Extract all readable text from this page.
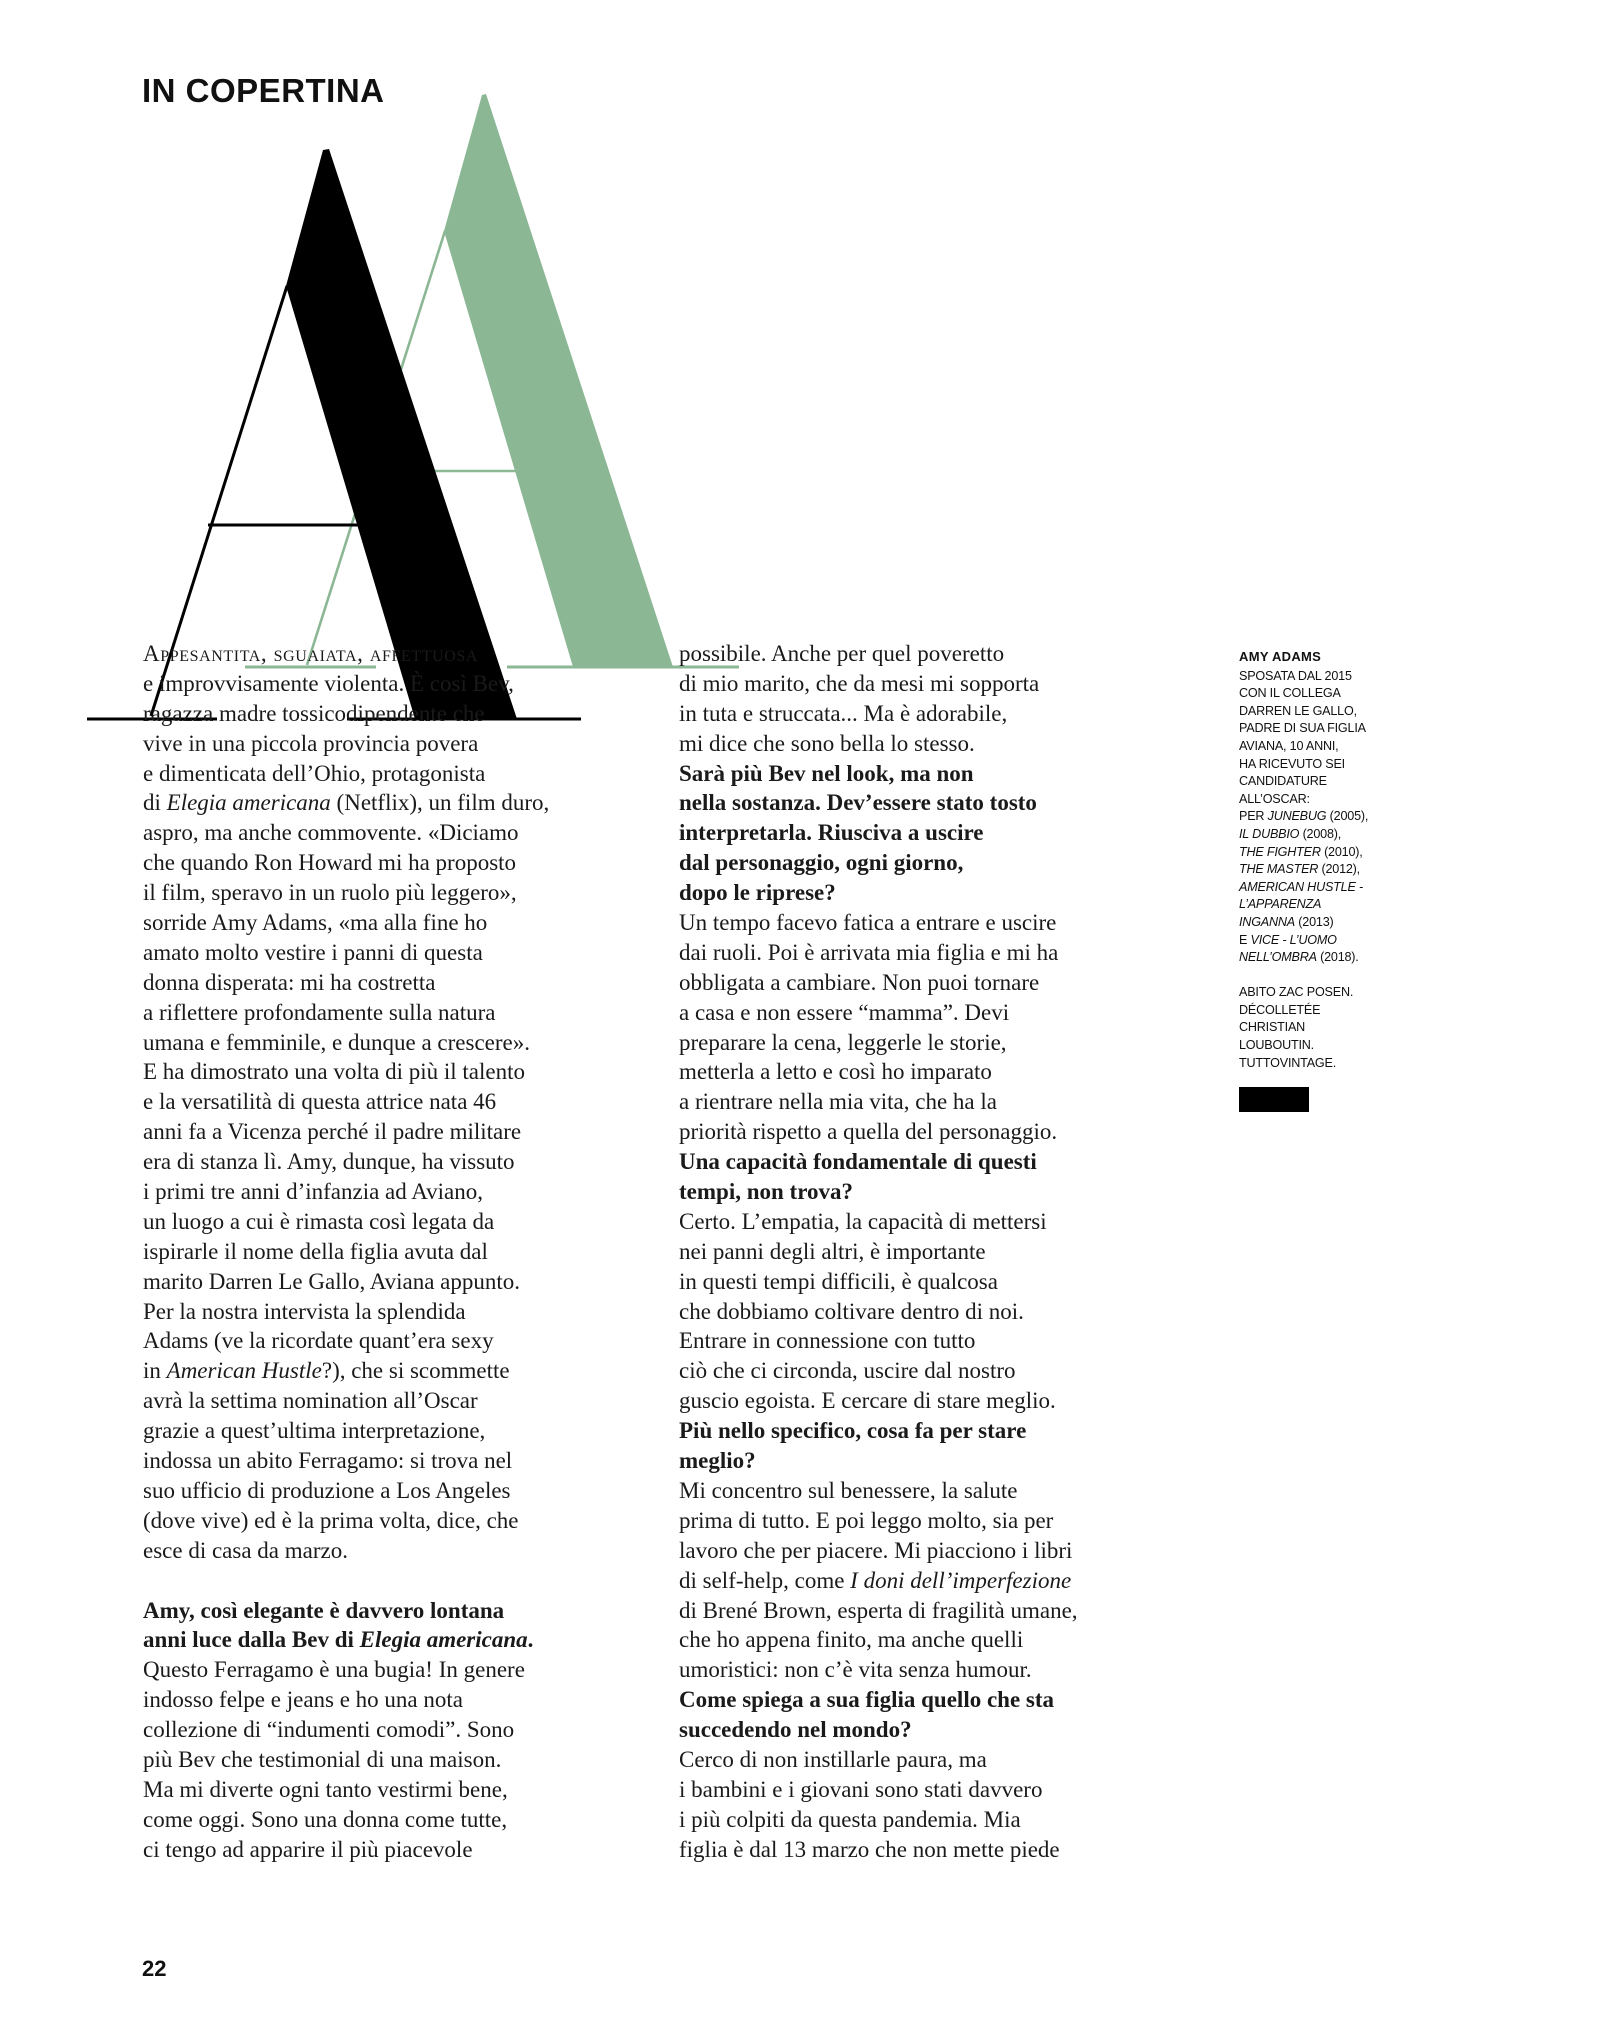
IN COPERTINA
Appesantita, sguaiata, affettuosa
e improvvisamente violenta. È così Bev,
ragazza madre tossicodipendente che
vive in una piccola provincia povera
e dimenticata dell’Ohio, protagonista
di Elegia americana (Netflix), un film duro,
aspro, ma anche commovente. «Diciamo
che quando Ron Howard mi ha proposto
il film, speravo in un ruolo più leggero»,
sorride Amy Adams, «ma alla fine ho
amato molto vestire i panni di questa
donna disperata: mi ha costretta
a riflettere profondamente sulla natura
umana e femminile, e dunque a crescere».
E ha dimostrato una volta di più il talento
e la versatilità di questa attrice nata 46
anni fa a Vicenza perché il padre militare
era di stanza lì. Amy, dunque, ha vissuto
i primi tre anni d’infanzia ad Aviano,
un luogo a cui è rimasta così legata da
ispirarle il nome della figlia avuta dal
marito Darren Le Gallo, Aviana appunto.
Per la nostra intervista la splendida
Adams (ve la ricordate quant’era sexy
in American Hustle?), che si scommette
avrà la settima nomination all’Oscar
grazie a quest’ultima interpretazione,
indossa un abito Ferragamo: si trova nel
suo ufficio di produzione a Los Angeles
(dove vive) ed è la prima volta, dice, che
esce di casa da marzo.
Amy, così elegante è davvero lontana
anni luce dalla Bev di Elegia americana.
Questo Ferragamo è una bugia! In genere
indosso felpe e jeans e ho una nota
collezione di “indumenti comodi”. Sono
più Bev che testimonial di una maison.
Ma mi diverte ogni tanto vestirmi bene,
come oggi. Sono una donna come tutte,
ci tengo ad apparire il più piacevole
possibile. Anche per quel poveretto
di mio marito, che da mesi mi sopporta
in tuta e struccata... Ma è adorabile,
mi dice che sono bella lo stesso.
Sarà più Bev nel look, ma non
nella sostanza. Dev’essere stato tosto
interpretarla. Riusciva a uscire
dal personaggio, ogni giorno,
dopo le riprese?
Un tempo facevo fatica a entrare e uscire
dai ruoli. Poi è arrivata mia figlia e mi ha
obbligata a cambiare. Non puoi tornare
a casa e non essere “mamma”. Devi
preparare la cena, leggerle le storie,
metterla a letto e così ho imparato
a rientrare nella mia vita, che ha la
priorità rispetto a quella del personaggio.
Una capacità fondamentale di questi
tempi, non trova?
Certo. L’empatia, la capacità di mettersi
nei panni degli altri, è importante
in questi tempi difficili, è qualcosa
che dobbiamo coltivare dentro di noi.
Entrare in connessione con tutto
ciò che ci circonda, uscire dal nostro
guscio egoista. E cercare di stare meglio.
Più nello specifico, cosa fa per stare
meglio?
Mi concentro sul benessere, la salute
prima di tutto. E poi leggo molto, sia per
lavoro che per piacere. Mi piacciono i libri
di self-help, come I doni dell’imperfezione
di Brené Brown, esperta di fragilità umane,
che ho appena finito, ma anche quelli
umoristici: non c’è vita senza humour.
Come spiega a sua figlia quello che sta
succedendo nel mondo?
Cerco di non instillarle paura, ma
i bambini e i giovani sono stati davvero
i più colpiti da questa pandemia. Mia
figlia è dal 13 marzo che non mette piede
AMY ADAMS
SPOSATA DAL 2015
CON IL COLLEGA
DARREN LE GALLO,
PADRE DI SUA FIGLIA
AVIANA, 10 ANNI,
HA RICEVUTO SEI
CANDIDATURE
ALL’OSCAR:
PER JUNEBUG (2005),
IL DUBBIO (2008),
THE FIGHTER (2010),
THE MASTER (2012),
AMERICAN HUSTLE -
L’APPARENZA
INGANNA (2013)
E VICE - L’UOMO
NELL’OMBRA (2018).
ABITO ZAC POSEN.
DÉCOLLETÉE
CHRISTIAN
LOUBOUTIN.
TUTTOVINTAGE.
22
